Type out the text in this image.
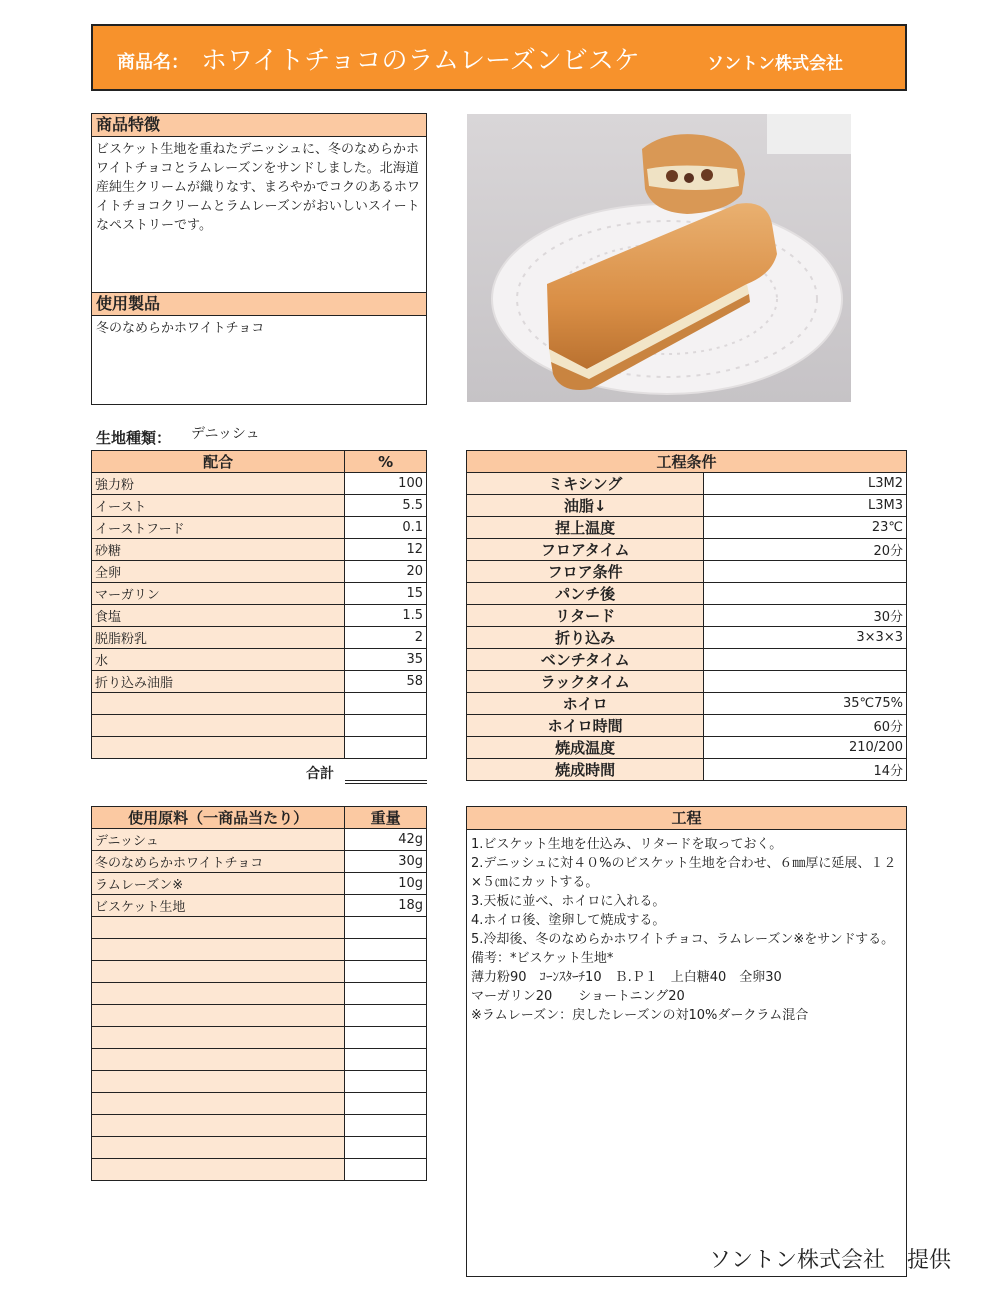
商品名： ホワイトチョコのラムレーズンビスケ	ソントン株式会社
商品特徴
ビスケット生地を重ねたデニッシュに、冬のなめらかホワイトチョコとラムレーズンをサンドしました。北海道産純生クリームが織りなす、まろやかでコクのあるホワイトチョコクリームとラムレーズンがおいしいスイートなペストリーです。
使用製品
冬のなめらかホワイトチョコ
生地種類： デニッシュ
配合	%
強力粉	100
イースト	5.5
イーストフード	0.1
砂糖	12
全卵	20
マーガリン	15
食塩	1.5
脱脂粉乳	2
水	35
折り込み油脂	58

合計
工程条件	
ミキシング	L3M2
油脂↓	L3M3
捏上温度	23℃
フロアタイム	20分
フロア条件	
パンチ後	
リタード	30分
折り込み	3×3×3
ベンチタイム	
ラックタイム	
ホイロ	35℃75%
ホイロ時間	60分
焼成温度	210/200
焼成時間	14分
使用原料（一商品当たり）	重量
デニッシュ	42g
冬のなめらかホワイトチョコ	30g
ラムレーズン※	10g
ビスケット生地	18g

工程
1.ビスケット生地を仕込み、リタードを取っておく。
2.デニッシュに対４０%のビスケット生地を合わせ、６㎜厚に延展、１２×５㎝にカットする。
3.天板に並べ、ホイロに入れる。
4.ホイロ後、塗卵して焼成する。
5.冷却後、冬のなめらかホワイトチョコ、ラムレーズン※をサンドする。
備考：*ビスケット生地*
薄力粉90　ｺｰﾝｽﾀｰﾁ10　Ｂ.Ｐ１　上白糖40　全卵30
マーガリン20　　ショートニング20
※ラムレーズン：戻したレーズンの対10%ダークラム混合
ソントン株式会社　提供
